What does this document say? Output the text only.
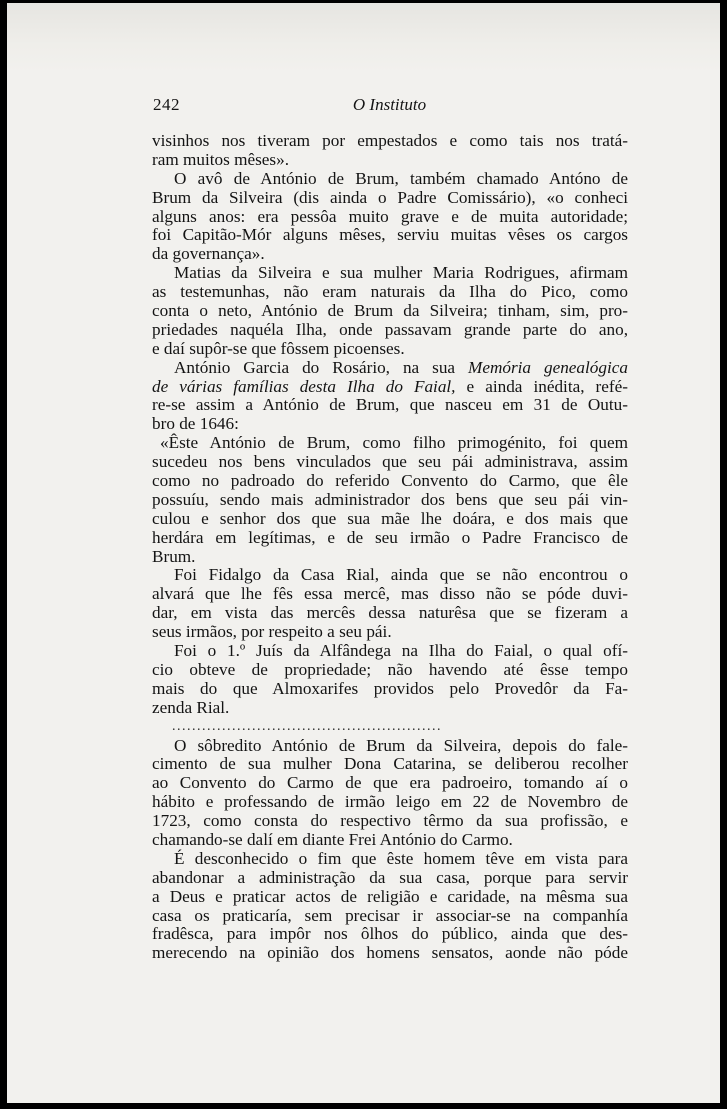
242	O Instituto
visinhos nos tiveram por empestados e como tais nos tratá-
ram muitos mêses».
O avô de António de Brum, também chamado Antóno de
Brum da Silveira (dis ainda o Padre Comissário), «o conheci
alguns anos: era pessôa muito grave e de muita autoridade;
foi Capitão-Mór alguns mêses, serviu muitas vêses os cargos
da governança».
Matias da Silveira e sua mulher Maria Rodrigues, afirmam
as testemunhas, não eram naturais da Ilha do Pico, como
conta o neto, António de Brum da Silveira; tinham, sim, pro-
priedades naquéla Ilha, onde passavam grande parte do ano,
e daí supôr-se que fôssem picoenses.
António Garcia do Rosário, na sua Memória genealógica
de várias famílias desta Ilha do Faial, e ainda inédita, refé-
re-se assim a António de Brum, que nasceu em 31 de Outu-
bro de 1646:
«Êste António de Brum, como filho primogénito, foi quem
sucedeu nos bens vinculados que seu pái administrava, assim
como no padroado do referido Convento do Carmo, que êle
possuíu, sendo mais administrador dos bens que seu pái vin-
culou e senhor dos que sua mãe lhe doára, e dos mais que
herdára em legítimas, e de seu irmão o Padre Francisco de
Brum.
Foi Fidalgo da Casa Rial, ainda que se não encontrou o
alvará que lhe fês essa mercê, mas disso não se póde duvi-
dar, em vista das mercês dessa naturêsa que se fizeram a
seus irmãos, por respeito a seu pái.
Foi o 1.º Juís da Alfândega na Ilha do Faial, o qual ofí-
cio obteve de propriedade; não havendo até êsse tempo
mais do que Almoxarifes providos pelo Provedôr da Fa-
zenda Rial.
......................................................
O sôbredito António de Brum da Silveira, depois do fale-
cimento de sua mulher Dona Catarina, se deliberou recolher
ao Convento do Carmo de que era padroeiro, tomando aí o
hábito e professando de irmão leigo em 22 de Novembro de
1723, como consta do respectivo têrmo da sua profissão, e
chamando-se dalí em diante Frei António do Carmo.
É desconhecido o fim que êste homem têve em vista para
abandonar a administração da sua casa, porque para servir
a Deus e praticar actos de religião e caridade, na mêsma sua
casa os praticaría, sem precisar ir associar-se na companhía
fradêsca, para impôr nos ôlhos do público, ainda que des-
merecendo na opinião dos homens sensatos, aonde não póde
